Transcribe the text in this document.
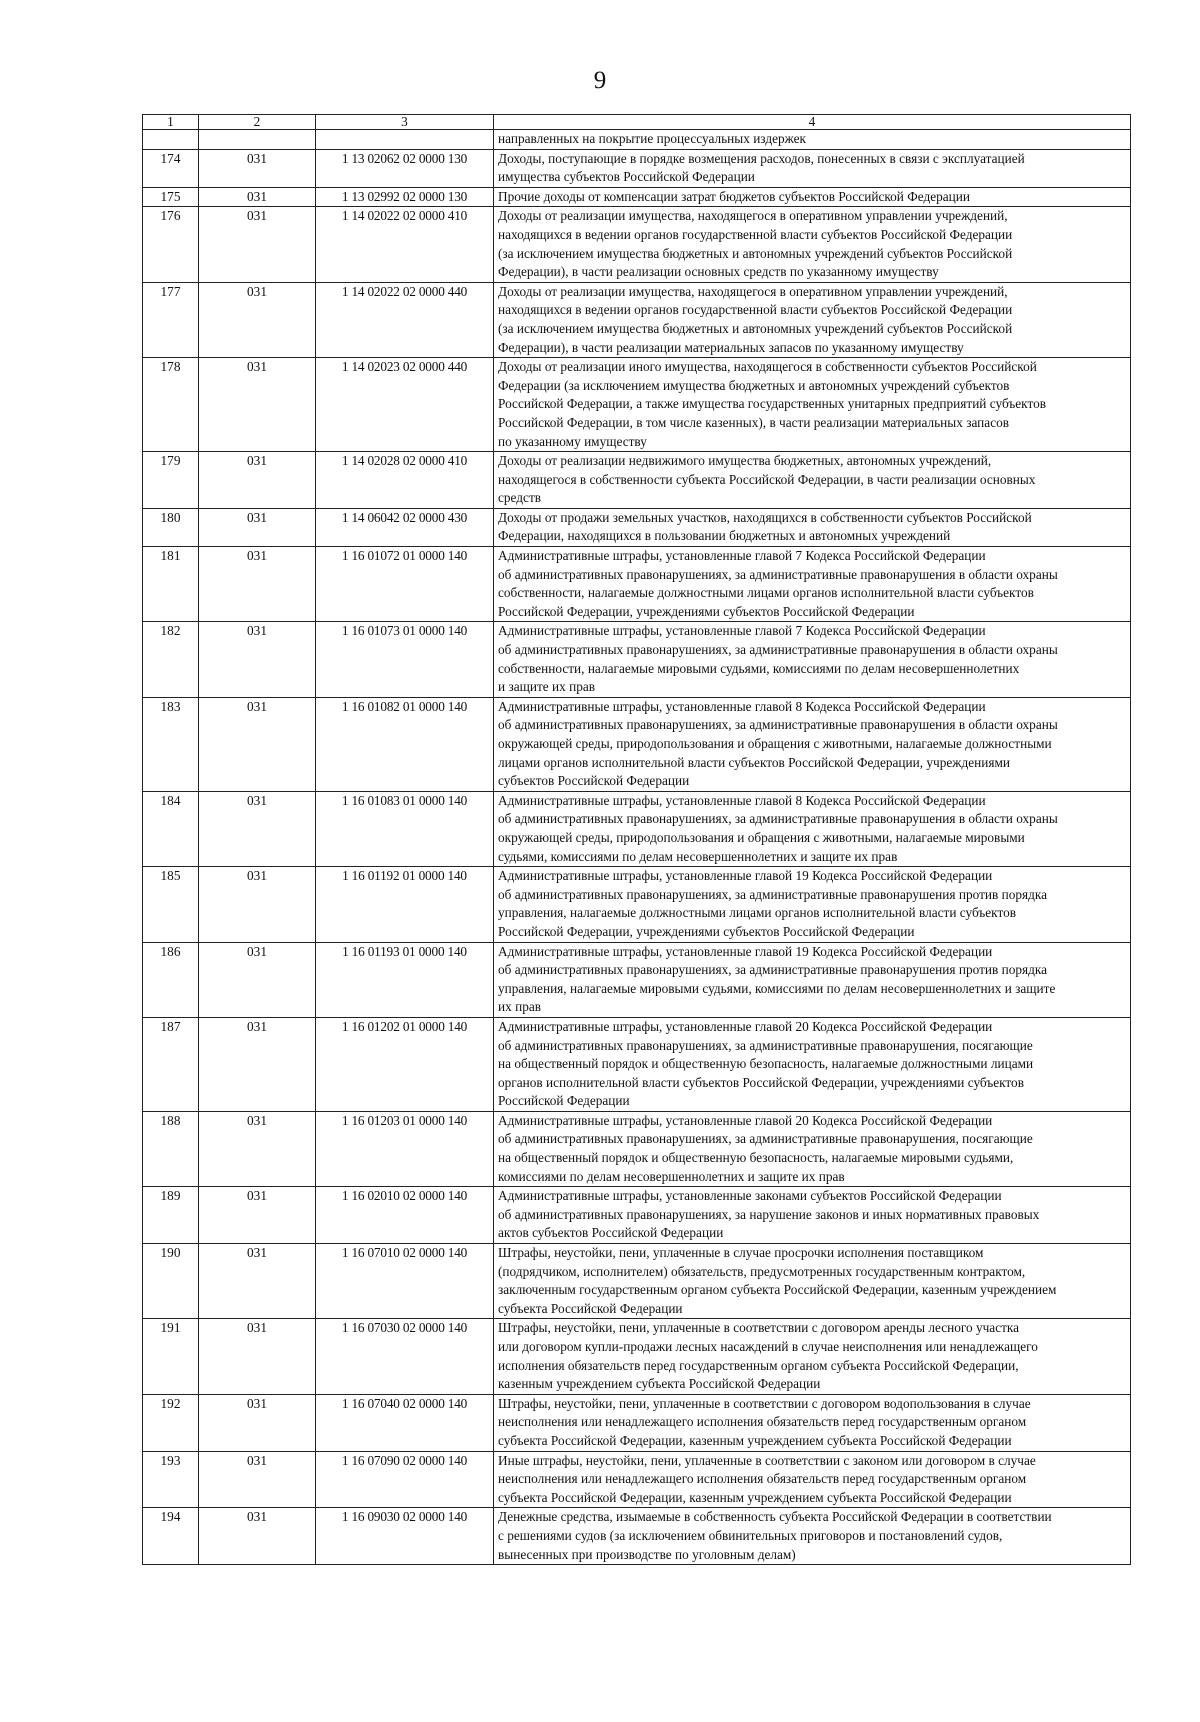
9
1	2	3	4

			направленных на покрытие процессуальных издержек

174	031	1 13 02062 02 0000 130	Доходы, поступающие в порядке возмещения расходов, понесенных в связи с эксплуатацией
имущества субъектов Российской Федерации

175	031	1 13 02992 02 0000 130	Прочие доходы от компенсации затрат бюджетов субъектов Российской Федерации

176	031	1 14 02022 02 0000 410	Доходы от реализации имущества, находящегося в оперативном управлении учреждений,
находящихся в ведении органов государственной власти субъектов Российской Федерации
(за исключением имущества бюджетных и автономных учреждений субъектов Российской
Федерации), в части реализации основных средств по указанному имуществу

177	031	1 14 02022 02 0000 440	Доходы от реализации имущества, находящегося в оперативном управлении учреждений,
находящихся в ведении органов государственной власти субъектов Российской Федерации
(за исключением имущества бюджетных и автономных учреждений субъектов Российской
Федерации), в части реализации материальных запасов по указанному имуществу

178	031	1 14 02023 02 0000 440	Доходы от реализации иного имущества, находящегося в собственности субъектов Российской
Федерации (за исключением имущества бюджетных и автономных учреждений субъектов
Российской Федерации, а также имущества государственных унитарных предприятий субъектов
Российской Федерации, в том числе казенных), в части реализации материальных запасов
по указанному имуществу

179	031	1 14 02028 02 0000 410	Доходы от реализации недвижимого имущества бюджетных, автономных учреждений,
находящегося в собственности субъекта Российской Федерации, в части реализации основных
средств

180	031	1 14 06042 02 0000 430	Доходы от продажи земельных участков, находящихся в собственности субъектов Российской
Федерации, находящихся в пользовании бюджетных и автономных учреждений

181	031	1 16 01072 01 0000 140	Административные штрафы, установленные главой 7 Кодекса Российской Федерации
об административных правонарушениях, за административные правонарушения в области охраны
собственности, налагаемые должностными лицами органов исполнительной власти субъектов
Российской Федерации, учреждениями субъектов Российской Федерации

182	031	1 16 01073 01 0000 140	Административные штрафы, установленные главой 7 Кодекса Российской Федерации
об административных правонарушениях, за административные правонарушения в области охраны
собственности, налагаемые мировыми судьями, комиссиями по делам несовершеннолетних
и защите их прав

183	031	1 16 01082 01 0000 140	Административные штрафы, установленные главой 8 Кодекса Российской Федерации
об административных правонарушениях, за административные правонарушения в области охраны
окружающей среды, природопользования и обращения с животными, налагаемые должностными
лицами органов исполнительной власти субъектов Российской Федерации, учреждениями
субъектов Российской Федерации

184	031	1 16 01083 01 0000 140	Административные штрафы, установленные главой 8 Кодекса Российской Федерации
об административных правонарушениях, за административные правонарушения в области охраны
окружающей среды, природопользования и обращения с животными, налагаемые мировыми
судьями, комиссиями по делам несовершеннолетних и защите их прав

185	031	1 16 01192 01 0000 140	Административные штрафы, установленные главой 19 Кодекса Российской Федерации
об административных правонарушениях, за административные правонарушения против порядка
управления, налагаемые должностными лицами органов исполнительной власти субъектов
Российской Федерации, учреждениями субъектов Российской Федерации

186	031	1 16 01193 01 0000 140	Административные штрафы, установленные главой 19 Кодекса Российской Федерации
об административных правонарушениях, за административные правонарушения против порядка
управления, налагаемые мировыми судьями, комиссиями по делам несовершеннолетних и защите
их прав

187	031	1 16 01202 01 0000 140	Административные штрафы, установленные главой 20 Кодекса Российской Федерации
об административных правонарушениях, за административные правонарушения, посягающие
на общественный порядок и общественную безопасность, налагаемые должностными лицами
органов исполнительной власти субъектов Российской Федерации, учреждениями субъектов
Российской Федерации

188	031	1 16 01203 01 0000 140	Административные штрафы, установленные главой 20 Кодекса Российской Федерации
об административных правонарушениях, за административные правонарушения, посягающие
на общественный порядок и общественную безопасность, налагаемые мировыми судьями,
комиссиями по делам несовершеннолетних и защите их прав

189	031	1 16 02010 02 0000 140	Административные штрафы, установленные законами субъектов Российской Федерации
об административных правонарушениях, за нарушение законов и иных нормативных правовых
актов субъектов Российской Федерации

190	031	1 16 07010 02 0000 140	Штрафы, неустойки, пени, уплаченные в случае просрочки исполнения поставщиком
(подрядчиком, исполнителем) обязательств, предусмотренных государственным контрактом,
заключенным государственным органом субъекта Российской Федерации, казенным учреждением
субъекта Российской Федерации

191	031	1 16 07030 02 0000 140	Штрафы, неустойки, пени, уплаченные в соответствии с договором аренды лесного участка
или договором купли-продажи лесных насаждений в случае неисполнения или ненадлежащего
исполнения обязательств перед государственным органом субъекта Российской Федерации,
казенным учреждением субъекта Российской Федерации

192	031	1 16 07040 02 0000 140	Штрафы, неустойки, пени, уплаченные в соответствии с договором водопользования в случае
неисполнения или ненадлежащего исполнения обязательств перед государственным органом
субъекта Российской Федерации, казенным учреждением субъекта Российской Федерации

193	031	1 16 07090 02 0000 140	Иные штрафы, неустойки, пени, уплаченные в соответствии с законом или договором в случае
неисполнения или ненадлежащего исполнения обязательств перед государственным органом
субъекта Российской Федерации, казенным учреждением субъекта Российской Федерации

194	031	1 16 09030 02 0000 140	Денежные средства, изымаемые в собственность субъекта Российской Федерации в соответствии
с решениями судов (за исключением обвинительных приговоров и постановлений судов,
вынесенных при производстве по уголовным делам)
